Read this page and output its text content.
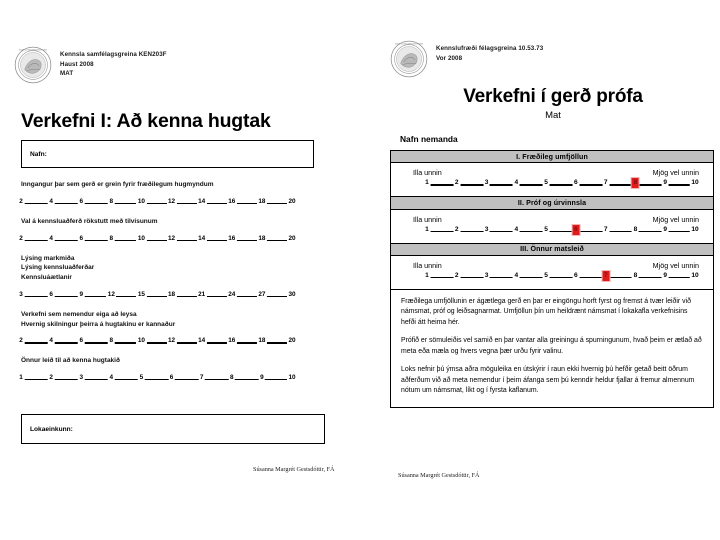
SIGILLUM UNIVERSITATIS
Kennsla samfélagsgreina KEN203F
Haust 2008
MAT
Verkefni I: Að kenna hugtak
Nafn:
Inngangur þar sem gerð er grein fyrir fræðilegum hugmyndum
2	4	6	8	10	12	14	16	18	20
Val á kennsluaðferð rökstutt með tilvísunum
2	4	6	8	10	12	14	16	18	20
Lýsing markmiða
Lýsing kennsluaðferðar
Kennsluáætlanir
3	6	9	12	15	18	21	24	27	30
Verkefni sem nemendur eiga að leysa
Hvernig skilningur þeirra á hugtakinu er kannaður
2	4	6	8	10	12	14	16	18	20
Önnur leið til að kenna hugtakið
1	2	3	4	5	6	7	8	9	10
Lokaeinkunn:
Súsanna Margrét Gestsdóttir, FÁ
SIGILLUM UNIVERSITATIS
Kennslufræði félagsgreina 10.53.73
Vor 2008
Verkefni í gerð prófa
Mat
Nafn nemanda
I. Fræðileg umfjöllun
Illa unnin	Mjög vel unnin
1	2	3	4	5	6	7	8	9	10
II. Próf og úrvinnsla
Illa unnin	Mjög vel unnin
1	2	3	4	5	6	7	8	9	10
III. Önnur matsleið
Illa unnin	Mjög vel unnin
1	2	3	4	5	6	7	8	9	10

Fræðilega umfjöllunin er ágætlega gerð en þar er eingöngu horft fyrst og fremst á tvær leiðir við námsmat, próf og leiðsagnarmat. Umfjöllun þín um heildrænt námsmat í lokakafla verkefnisins hefði átt heima hér.

Prófið er sömuleiðis vel samið en þar vantar alla greiningu á spurningunum, hvað þeim er ætlað að meta eða mæla og hvers vegna þær urðu fyrir valinu.

Loks nefnir þú ýmsa aðra möguleika en útskýrir í raun ekki hvernig þú hefðir getað beitt öðrum aðferðum við að meta nemendur í þeim áfanga sem þú kenndir heldur fjallar á fremur almennum nótum um námsmat, líkt og í fyrsta kaflanum.

Súsanna Margrét Gestsdóttir, FÁ
